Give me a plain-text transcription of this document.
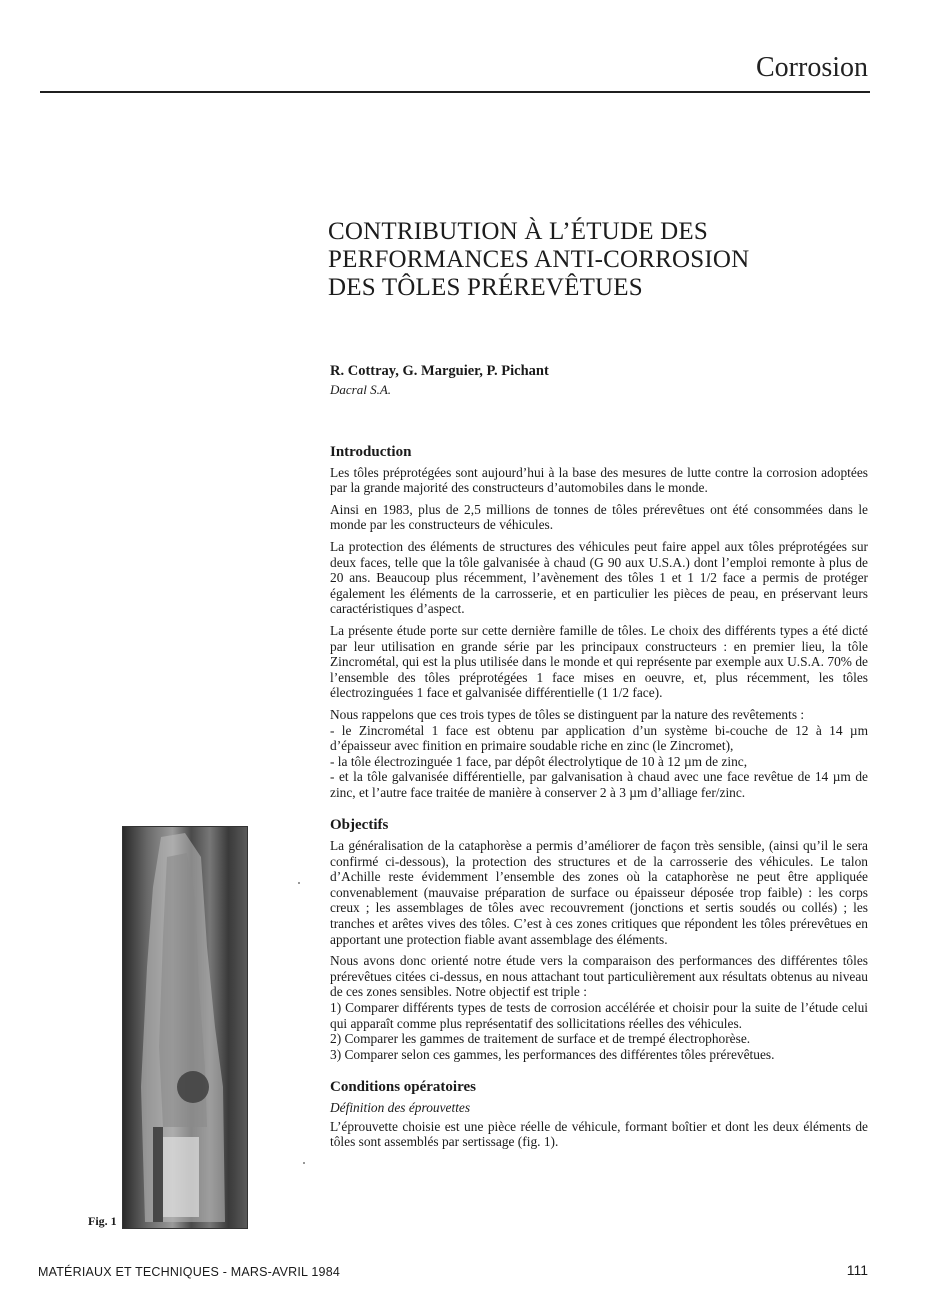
Corrosion
CONTRIBUTION À L’ÉTUDE DES
PERFORMANCES ANTI-CORROSION
DES TÔLES PRÉREVÊTUES
R. Cottray, G. Marguier, P. Pichant
Dacral S.A.
Introduction

Les tôles préprotégées sont aujourd’hui à la base des mesures de lutte contre la corrosion adoptées par la grande majorité des constructeurs d’automobiles dans le monde.

Ainsi en 1983, plus de 2,5 millions de tonnes de tôles prérevêtues ont été consommées dans le monde par les constructeurs de véhicules.

La protection des éléments de structures des véhicules peut faire appel aux tôles préprotégées sur deux faces, telle que la tôle galvanisée à chaud (G 90 aux U.S.A.) dont l’emploi remonte à plus de 20 ans. Beaucoup plus récemment, l’avènement des tôles 1 et 1 1/2 face a permis de protéger également les éléments de la carrosserie, et en particulier les pièces de peau, en préservant leurs caractéristiques d’aspect.

La présente étude porte sur cette dernière famille de tôles. Le choix des différents types a été dicté par leur utilisation en grande série par les principaux constructeurs : en premier lieu, la tôle Zincrométal, qui est la plus utilisée dans le monde et qui représente par exemple aux U.S.A. 70% de l’ensemble des tôles préprotégées 1 face mises en oeuvre, et, plus récemment, les tôles électrozinguées 1 face et galvanisée différentielle (1 1/2 face).

Nous rappelons que ces trois types de tôles se distinguent par la nature des revêtements :
- le Zincrométal 1 face est obtenu par application d’un système bi-couche de 12 à 14 µm d’épaisseur avec finition en primaire soudable riche en zinc (le Zincromet),
- la tôle électrozinguée 1 face, par dépôt électrolytique de 10 à 12 µm de zinc,
- et la tôle galvanisée différentielle, par galvanisation à chaud avec une face revêtue de 14 µm de zinc, et l’autre face traitée de manière à conserver 2 à 3 µm d’alliage fer/zinc.
Objectifs

La généralisation de la cataphorèse a permis d’améliorer de façon très sensible, (ainsi qu’il le sera confirmé ci-dessous), la protection des structures et de la carrosserie des véhicules. Le talon d’Achille reste évidemment l’ensemble des zones où la cataphorèse ne peut être appliquée convenablement (mauvaise préparation de surface ou épaisseur déposée trop faible) : les corps creux ; les assemblages de tôles avec recouvrement (jonctions et sertis soudés ou collés) ; les tranches et arêtes vives des tôles. C’est à ces zones critiques que répondent les tôles prérevêtues en apportant une protection fiable avant assemblage des éléments.

Nous avons donc orienté notre étude vers la comparaison des performances des différentes tôles prérevêtues citées ci-dessus, en nous attachant tout particulièrement aux résultats obtenus au niveau de ces zones sensibles. Notre objectif est triple :
1) Comparer différents types de tests de corrosion accélérée et choisir pour la suite de l’étude celui qui apparaît comme plus représentatif des sollicitations réelles des véhicules.
2) Comparer les gammes de traitement de surface et de trempé électrophorèse.
3) Comparer selon ces gammes, les performances des différentes tôles prérevêtues.
Conditions opératoires

Définition des éprouvettes

L’éprouvette choisie est une pièce réelle de véhicule, formant boîtier et dont les deux éléments de tôles sont assemblés par sertissage (fig. 1).

Fig. 1
MATÉRIAUX ET TECHNIQUES - MARS-AVRIL 1984	111
